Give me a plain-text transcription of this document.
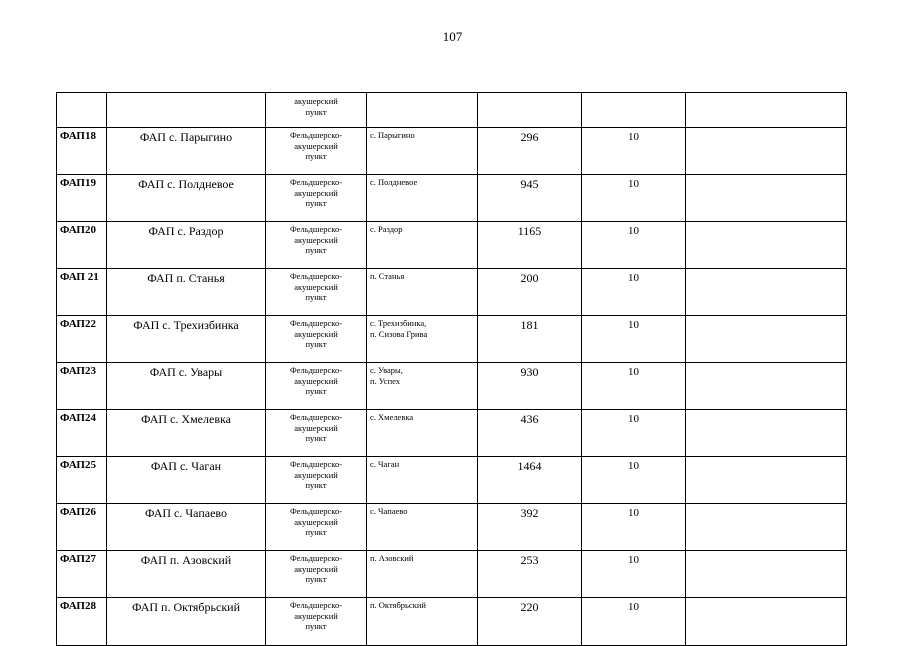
107

		акушерский
пункт				

ФАП18	ФАП с. Парыгино	Фельдшерско-
акушерский
пункт	с. Парыгино	296	10	
ФАП19	ФАП с. Полдневое	Фельдшерско-
акушерский
пункт	с. Полдневое	945	10	
ФАП20	ФАП с. Раздор	Фельдшерско-
акушерский
пункт	с. Раздор	1165	10	
ФАП 21	ФАП п. Станья	Фельдшерско-
акушерский
пункт	п. Станья	200	10	
ФАП22	ФАП с. Трехизбинка	Фельдшерско-
акушерский
пункт	с. Трехизбинка,
п. Сизова Грива	181	10	
ФАП23	ФАП с. Увары	Фельдшерско-
акушерский
пункт	с. Увары,
п. Успех	930	10	
ФАП24	ФАП с. Хмелевка	Фельдшерско-
акушерский
пункт	с. Хмелевка	436	10	
ФАП25	ФАП с. Чаган	Фельдшерско-
акушерский
пункт	с. Чаган	1464	10	
ФАП26	ФАП с. Чапаево	Фельдшерско-
акушерский
пункт	с. Чапаево	392	10	
ФАП27	ФАП п. Азовский	Фельдшерско-
акушерский
пункт	п. Азовский	253	10	
ФАП28	ФАП п. Октябрьский	Фельдшерско-
акушерский
пункт	п. Октябрьский	220	10	
